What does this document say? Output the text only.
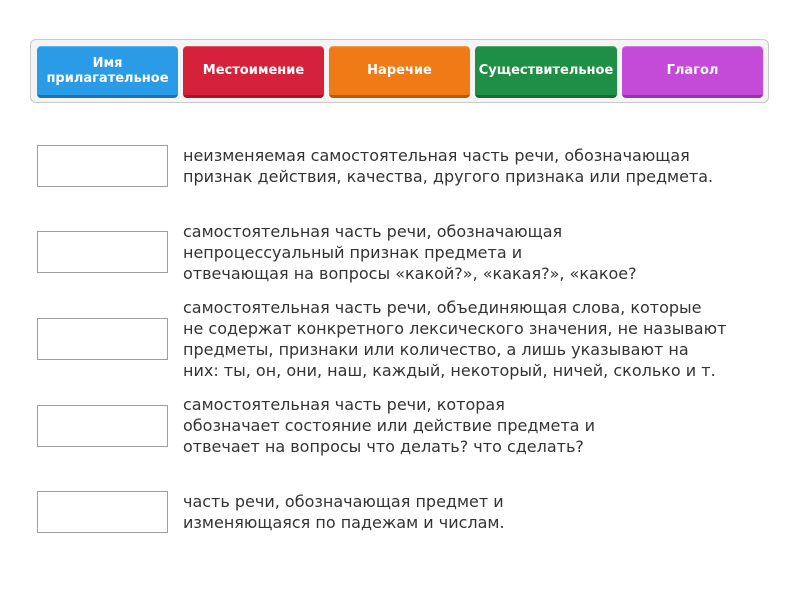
Имя
прилагательное	Местоимение	Наречие	Существительное	Глагол
неизменяемая самостоятельная часть речи, обозначающая
признак действия, качества, другого признака или предмета.
самостоятельная часть речи, обозначающая
непроцессуальный признак предмета и
отвечающая на вопросы «какой?», «какая?», «какое?
самостоятельная часть речи, объединяющая слова, которые
не содержат конкретного лексического значения, не называют
предметы, признаки или количество, а лишь указывают на
них: ты, он, они, наш, каждый, некоторый, ничей, сколько и т.
самостоятельная часть речи, которая
обозначает состояние или действие предмета и
отвечает на вопросы что делать? что сделать?
часть речи, обозначающая предмет и
изменяющаяся по падежам и числам.
